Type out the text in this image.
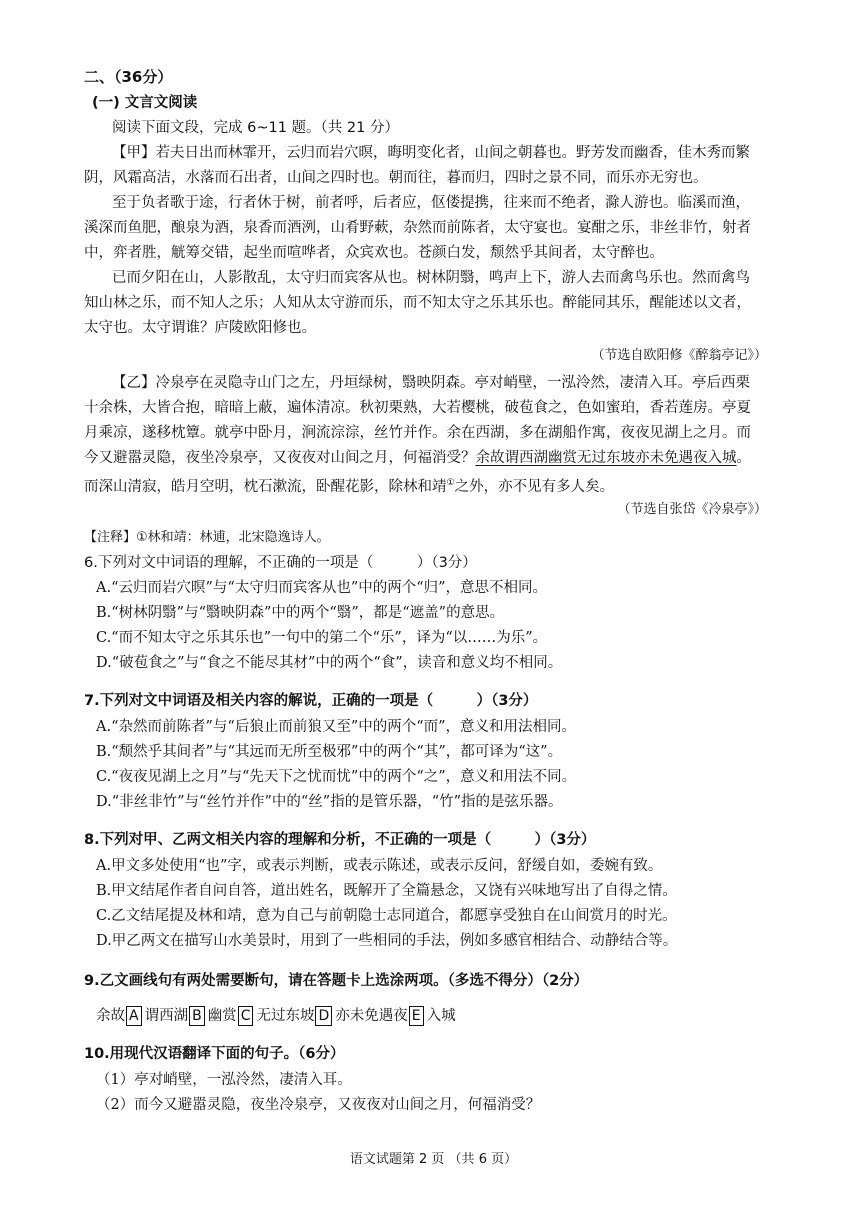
二、（36分）
(一) 文言文阅读
阅读下面文段，完成 6~11 题。（共 21 分）
【甲】若夫日出而林霏开，云归而岩穴暝，晦明变化者，山间之朝暮也。野芳发而幽香，佳木秀而繁
阴，风霜高洁，水落而石出者，山间之四时也。朝而往，暮而归，四时之景不同，而乐亦无穷也。
至于负者歌于途，行者休于树，前者呼，后者应，伛偻提携，往来而不绝者，滁人游也。临溪而渔，
溪深而鱼肥，酿泉为酒，泉香而酒洌，山肴野蔌，杂然而前陈者，太守宴也。宴酣之乐，非丝非竹，射者
中，弈者胜，觥筹交错，起坐而喧哗者，众宾欢也。苍颜白发，颓然乎其间者，太守醉也。
已而夕阳在山，人影散乱，太守归而宾客从也。树林阴翳，鸣声上下，游人去而禽鸟乐也。然而禽鸟
知山林之乐，而不知人之乐；人知从太守游而乐，而不知太守之乐其乐也。醉能同其乐，醒能述以文者，
太守也。太守谓谁？庐陵欧阳修也。
（节选自欧阳修《醉翁亭记》）
【乙】冷泉亭在灵隐寺山门之左，丹垣绿树，翳映阴森。亭对峭壁，一泓泠然，凄清入耳。亭后西栗
十余株，大皆合抱，暗暗上蔽，遍体清凉。秋初栗熟，大若樱桃，破苞食之，色如蜜珀，香若莲房。亭夏
月乘凉，遂移枕簟。就亭中卧月，涧流淙淙，丝竹并作。余在西湖，多在湖船作寓，夜夜见湖上之月。而
今又避嚣灵隐，夜坐冷泉亭，又夜夜对山间之月，何福消受？余故谓西湖幽赏无过东坡亦未免遇夜入城。
而深山清寂，皓月空明，枕石漱流，卧醒花影，除林和靖①之外，亦不见有多人矣。
（节选自张岱《冷泉亭》）
【注释】①林和靖：林逋，北宋隐逸诗人。
6.下列对文中词语的理解，不正确的一项是（　　　）（3分）
A.“云归而岩穴暝”与“太守归而宾客从也”中的两个“归”，意思不相同。
B.“树林阴翳”与“翳映阴森”中的两个“翳”，都是“遮盖”的意思。
C.“而不知太守之乐其乐也”一句中的第二个“乐”，译为“以……为乐”。
D.“破苞食之”与“食之不能尽其材”中的两个“食”，读音和意义均不相同。
7.下列对文中词语及相关内容的解说，正确的一项是（　　　）（3分）
A.“杂然而前陈者”与“后狼止而前狼又至”中的两个“而”，意义和用法相同。
B.“颓然乎其间者”与“其远而无所至极邪”中的两个“其”，都可译为“这”。
C.“夜夜见湖上之月”与“先天下之忧而忧”中的两个“之”，意义和用法不同。
D.“非丝非竹”与“丝竹并作”中的“丝”指的是管乐器，“竹”指的是弦乐器。
8.下列对甲、乙两文相关内容的理解和分析，不正确的一项是（　　　）（3分）
A.甲文多处使用“也”字，或表示判断，或表示陈述，或表示反问，舒缓自如，委婉有致。
B.甲文结尾作者自问自答，道出姓名，既解开了全篇悬念，又饶有兴味地写出了自得之情。
C.乙文结尾提及林和靖，意为自己与前朝隐士志同道合，都愿享受独自在山间赏月的时光。
D.甲乙两文在描写山水美景时，用到了一些相同的手法，例如多感官相结合、动静结合等。
9.乙文画线句有两处需要断句，请在答题卡上选涂两项。（多选不得分）（2分）
余故 A 谓西湖 B 幽赏 C 无过东坡 D 亦未免遇夜 E 入城
10.用现代汉语翻译下面的句子。（6分）
（1）亭对峭壁，一泓泠然，凄清入耳。
（2）而今又避嚣灵隐，夜坐冷泉亭，又夜夜对山间之月，何福消受？
语文试题第 2 页 （共 6 页）
